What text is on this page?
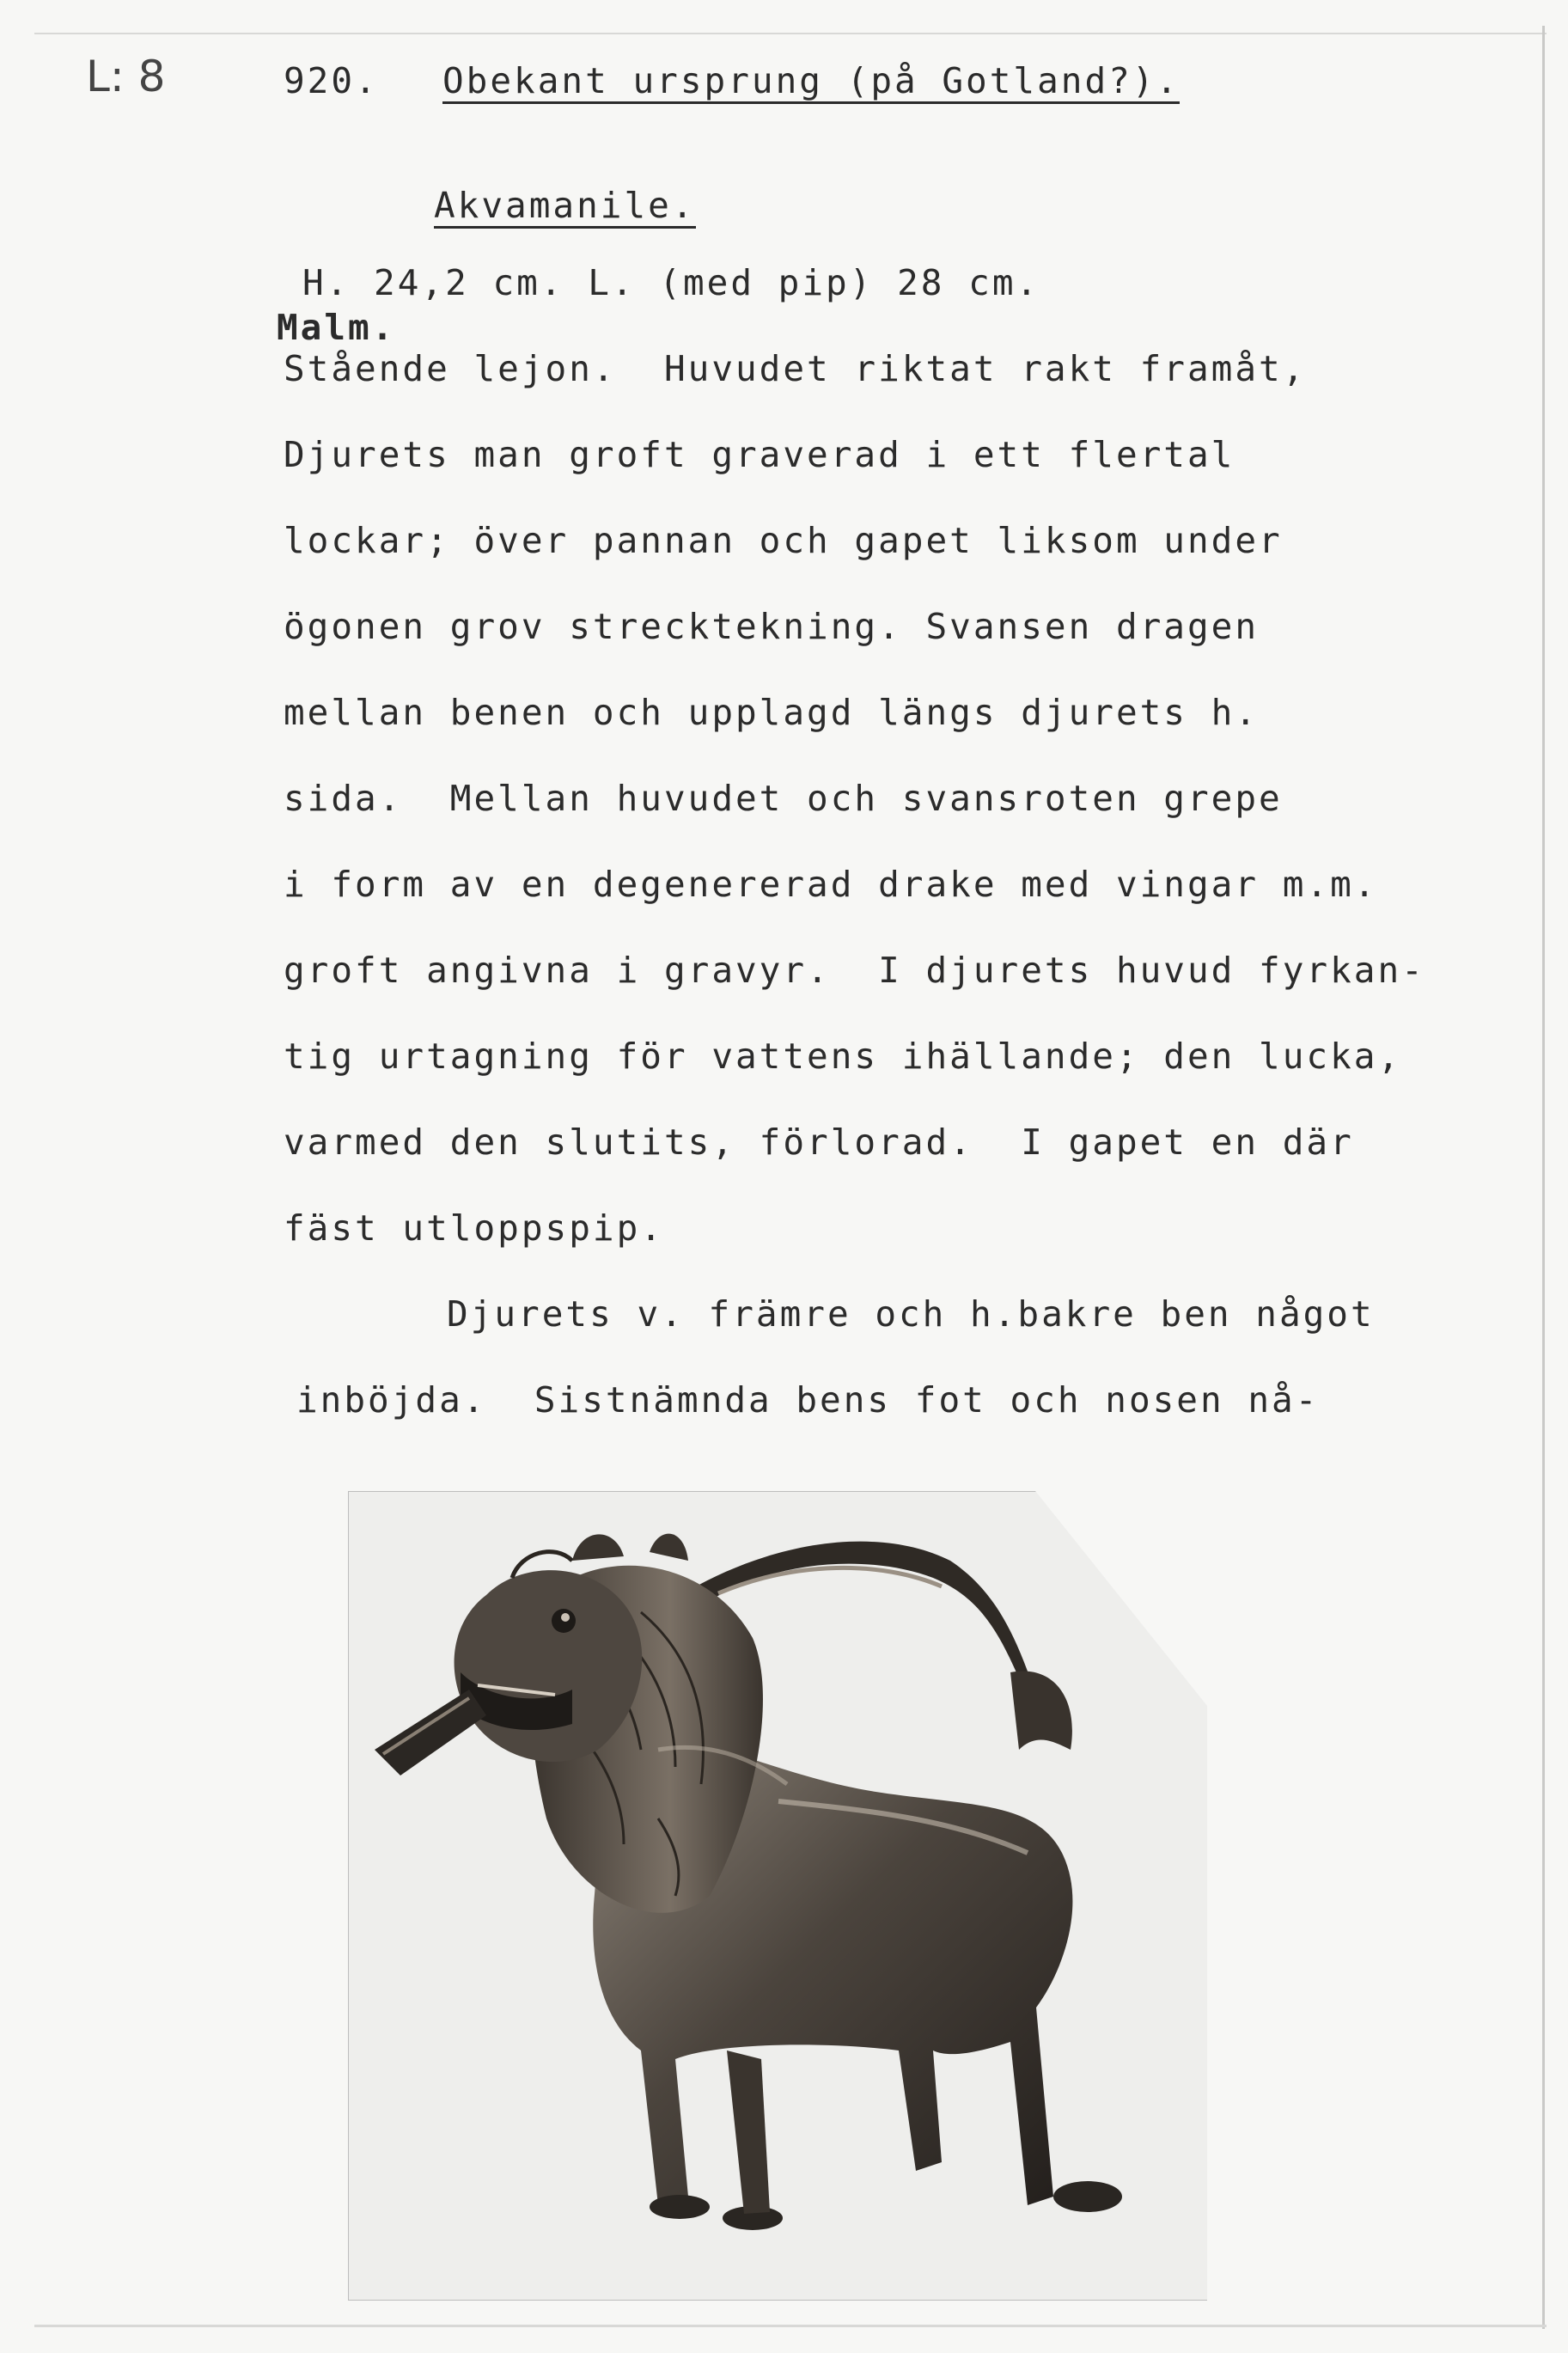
L: 8	920. Obekant ursprung (på Gotland?).
Akvamanile.
H. 24,2 cm. L. (med pip) 28 cm.
Malm.
Stående lejon.  Huvudet riktat rakt framåt,
Djurets man groft graverad i ett flertal
lockar; över pannan och gapet liksom under
ögonen grov strecktekning. Svansen dragen
mellan benen och upplagd längs djurets h.
sida.  Mellan huvudet och svansroten grepe
i form av en degenererad drake med vingar m.m.
groft angivna i gravyr.  I djurets huvud fyrkan-
tig urtagning för vattens ihällande; den lucka,
varmed den slutits, förlorad.  I gapet en där
fäst utloppspip.
Djurets v. främre och h.bakre ben något
inböjda.  Sistnämnda bens fot och nosen nå-
